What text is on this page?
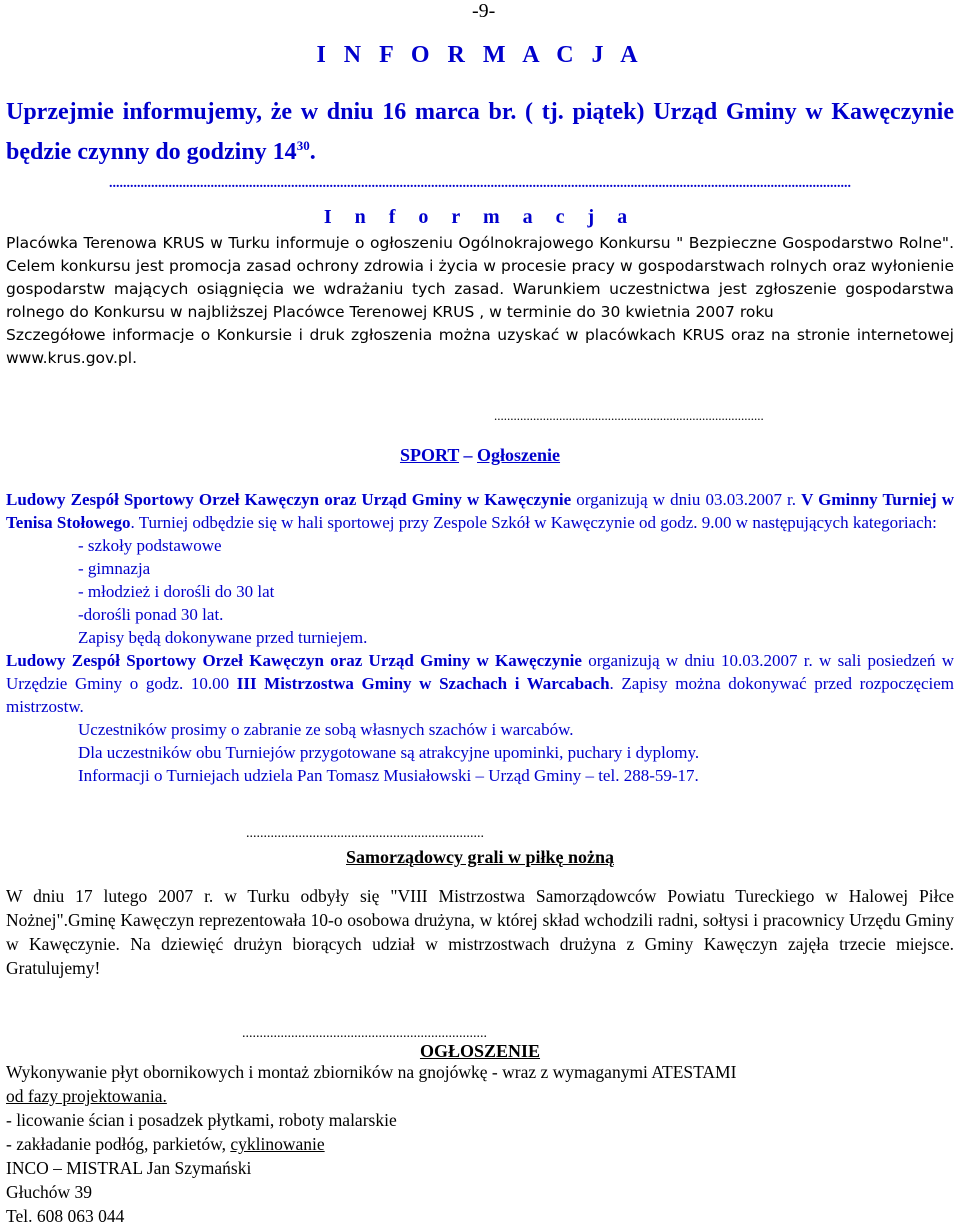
-9-
I N F O R M A C J A
Uprzejmie informujemy, że w dniu 16 marca br. ( tj. piątek) Urząd Gminy w Kawęczynie będzie czynny do godziny $14^{30}$.
....................................................................................................................................................................................................................
I n f o r m a c j a

Placówka Terenowa KRUS w Turku informuje o ogłoszeniu Ogólnokrajowego Konkursu " Bezpieczne Gospodarstwo Rolne". Celem konkursu jest promocja zasad ochrony zdrowia i życia w procesie pracy w gospodarstwach rolnych oraz wyłonienie gospodarstw mających osiągnięcia we wdrażaniu tych zasad. Warunkiem uczestnictwa jest zgłoszenie gospodarstwa rolnego do Konkursu w najbliższej Placówce Terenowej KRUS , w terminie do 30 kwietnia 2007 roku

Szczegółowe informacje o Konkursie i druk zgłoszenia można uzyskać w placówkach KRUS oraz na stronie internetowej www.krus.gov.pl.

...................................................................................
SPORT – Ogłoszenie

Ludowy Zespół Sportowy Orzeł Kawęczyn oraz Urząd Gminy w Kawęczynie organizują w dniu 03.03.2007 r. V Gminny Turniej w Tenisa Stołowego. Turniej odbędzie się w hali sportowej przy Zespole Szkół w Kawęczynie od godz. 9.00 w następujących kategoriach:

- szkoły podstawowe
- gimnazja
- młodzież i dorośli do 30 lat
-dorośli ponad 30 lat.
Zapisy będą dokonywane przed turniejem.

Ludowy Zespół Sportowy Orzeł Kawęczyn oraz Urząd Gminy w Kawęczynie organizują w dniu 10.03.2007 r. w sali posiedzeń w Urzędzie Gminy o godz. 10.00 III Mistrzostwa Gminy w Szachach i Warcabach. Zapisy można dokonywać przed rozpoczęciem mistrzostw.

Uczestników prosimy o zabranie ze sobą własnych szachów i warcabów.
Dla uczestników obu Turniejów przygotowane są atrakcyjne upominki, puchary i dyplomy.
Informacji o Turniejach udziela Pan Tomasz Musiałowski – Urząd Gminy – tel. 288-59-17.
....................................................................
Samorządowcy grali w piłkę nożną
W dniu 17 lutego 2007 r. w Turku odbyły się "VIII Mistrzostwa Samorządowców Powiatu Tureckiego w Halowej Piłce Nożnej".Gminę Kawęczyn reprezentowała 10-o osobowa drużyna, w której skład wchodzili radni, sołtysi i pracownicy Urzędu Gminy w Kawęczynie. Na dziewięć drużyn biorących udział w mistrzostwach drużyna z Gminy Kawęczyn zajęła trzecie miejsce. Gratulujemy!
......................................................................
OGŁOSZENIE
Wykonywanie płyt obornikowych i montaż zbiorników na gnojówkę - wraz z wymaganymi ATESTAMI
od fazy projektowania.
- licowanie ścian i posadzek płytkami, roboty malarskie
- zakładanie podłóg, parkietów, cyklinowanie
INCO – MISTRAL Jan Szymański
Głuchów 39
Tel. 608 063 044
